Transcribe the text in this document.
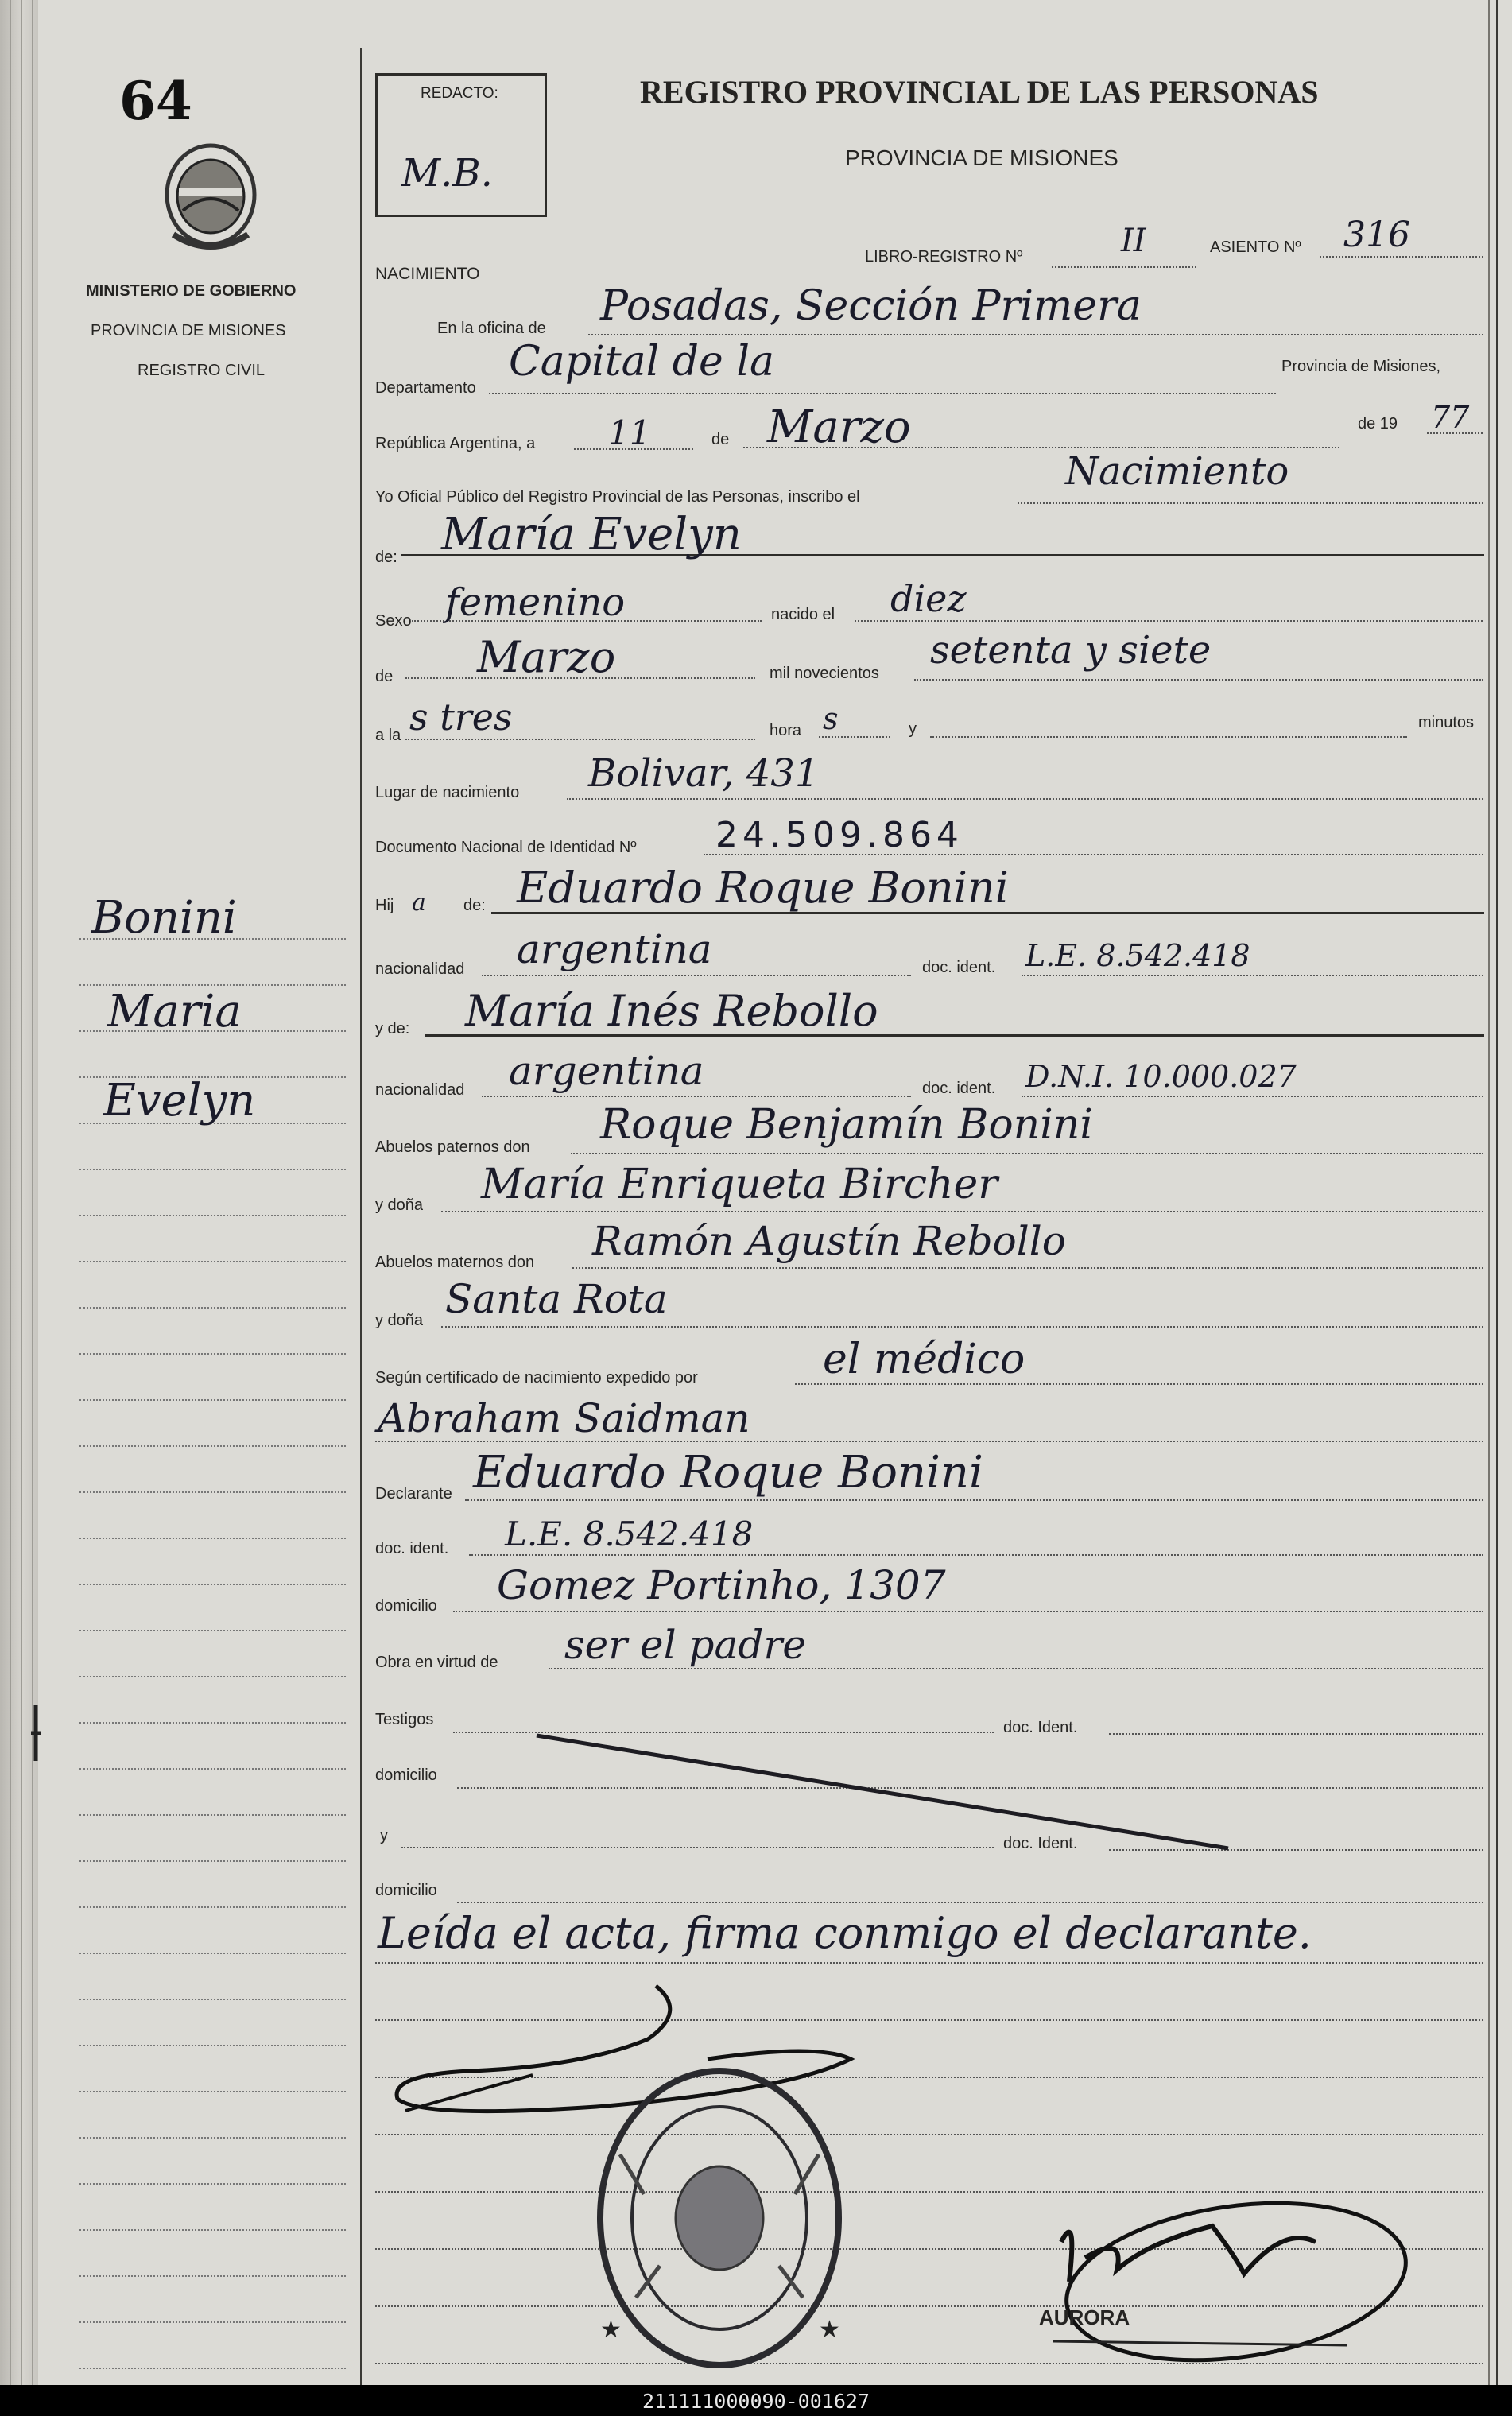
64
MINISTERIO DE GOBIERNO
PROVINCIA DE MISIONES
REGISTRO CIVIL
Bonini
Maria
Evelyn
REDACTO:
M.B.
REGISTRO PROVINCIAL DE LAS PERSONAS
PROVINCIA DE MISIONES
NACIMIENTO
LIBRO-REGISTRO Nº	II	ASIENTO Nº 316
En la oficina de Posadas, Sección Primera
Departamento
Capital de la	Provincia de Misiones,
República Argentina, a 11	de Marzo	de 19 77
Yo Oficial Público del Registro Provincial de las Personas, inscribo el
Nacimiento
de: María Evelyn
Sexo femenino	nacido el diez
de Marzo	mil novecientos
setenta y siete
a la s tres	hora s	y	minutos
Lugar de nacimiento Bolivar, 431
Documento Nacional de Identidad Nº 24.509.864
Hij a de: Eduardo Roque Bonini
nacionalidad argentina	doc. ident. L.E. 8.542.418
y de: María Inés Rebollo
nacionalidad argentina	doc. ident. D.N.I. 10.000.027
Abuelos paternos don Roque Benjamín Bonini
y doña María Enriqueta Bircher
Abuelos maternos don Ramón Agustín Rebollo
y doña Santa Rota
Según certificado de nacimiento expedido por	el médico
Abraham Saidman
Declarante Eduardo Roque Bonini
doc. ident. L.E. 8.542.418
domicilio Gomez Portinho, 1307
Obra en virtud de ser el padre
Testigos	doc. Ident.
domicilio
y	doc. Ident.
domicilio
Leída el acta, firma conmigo el declarante.
★	★	AURORA
211111000090-001627
